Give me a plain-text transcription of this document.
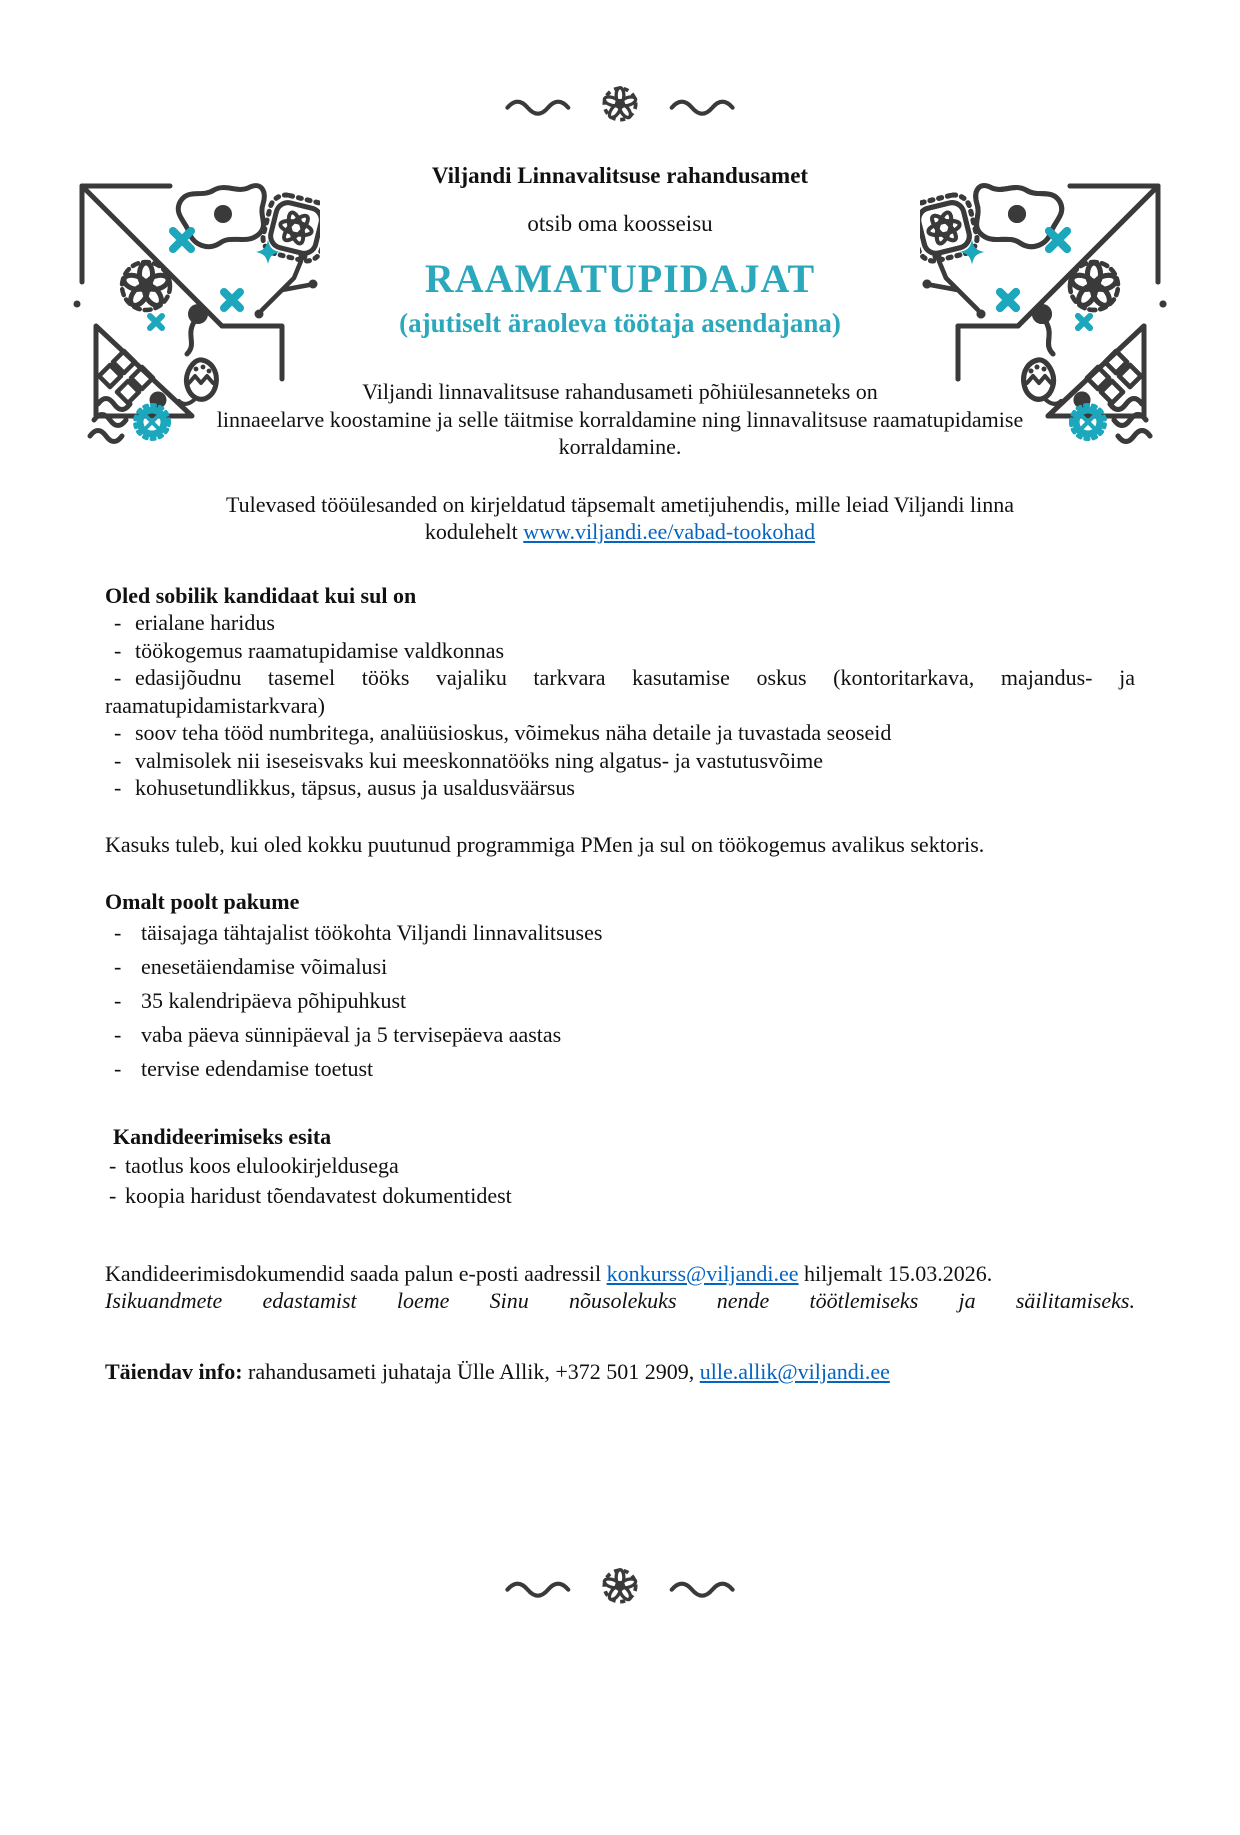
Viljandi Linnavalitsuse rahandusamet
otsib oma koosseisu
RAAMATUPIDAJAT
(ajutiselt äraoleva töötaja asendajana)
Viljandi linnavalitsuse rahandusameti põhiülesanneteks on
linnaeelarve koostamine ja selle täitmise korraldamine ning linnavalitsuse raamatupidamise
korraldamine.
Tulevased tööülesanded on kirjeldatud täpsemalt ametijuhendis, mille leiad Viljandi linna
kodulehelt www.viljandi.ee/vabad-tookohad
Oled sobilik kandidaat kui sul on
- erialane haridus
- töökogemus raamatupidamise valdkonnas
- edasijõudnu tasemel tööks vajaliku tarkvara kasutamise oskus (kontoritarkava, majandus- ja raamatupidamistarkvara)
- soov teha tööd numbritega, analüüsioskus, võimekus näha detaile ja tuvastada seoseid
- valmisolek nii iseseisvaks kui meeskonnatööks ning algatus- ja vastutusvõime
- kohusetundlikkus, täpsus, ausus ja usaldusväärsus
Kasuks tuleb, kui oled kokku puutunud programmiga PMen ja sul on töökogemus avalikus sektoris.
Omalt poolt pakume
- täisajaga tähtajalist töökohta Viljandi linnavalitsuses
- enesetäiendamise võimalusi
- 35 kalendripäeva põhipuhkust
- vaba päeva sünnipäeval ja 5 tervisepäeva aastas
- tervise edendamise toetust
Kandideerimiseks esita
- taotlus koos elulookirjeldusega
- koopia haridust tõendavatest dokumentidest
Kandideerimisdokumendid saada palun e-posti aadressil konkurss@viljandi.ee hiljemalt 15.03.2026.
Isikuandmete edastamist loeme Sinu nõusolekuks nende töötlemiseks ja säilitamiseks.
Täiendav info: rahandusameti juhataja Ülle Allik, +372 501 2909, ulle.allik@viljandi.ee
